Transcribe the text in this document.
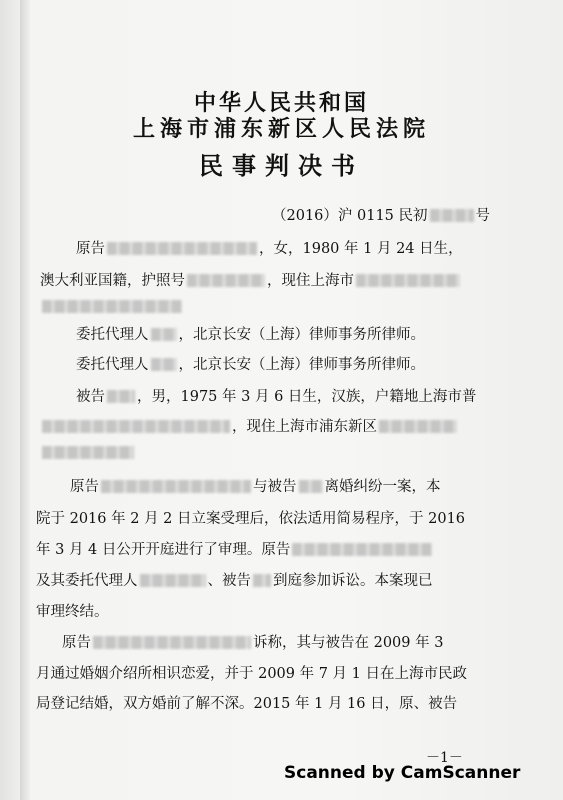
中华人民共和国
上海市浦东新区人民法院
民事判决书
（2016）沪 0115 民初	号
原告	，女，1980 年 1 月 24 日生，
澳大利亚国籍，护照号	，现住上海市
委托代理人 ，北京长安（上海）律师事务所律师。
委托代理人 ，北京长安（上海）律师事务所律师。
被告 ，男，1975 年 3 月 6 日生，汉族，户籍地上海市普
，现住上海市浦东新区
原告	与被告 离婚纠纷一案，本
院于 2016 年 2 月 2 日立案受理后，依法适用简易程序，于 2016
年 3 月 4 日公开开庭进行了审理。原告
及其委托代理人	、被告 到庭参加诉讼。本案现已
审理终结。
原告	诉称，其与被告在 2009 年 3
月通过婚姻介绍所相识恋爱，并于 2009 年 7 月 1 日在上海市民政
局登记结婚，双方婚前了解不深。2015 年 1 月 16 日，原、被告
－1－
Scanned by CamScanner
